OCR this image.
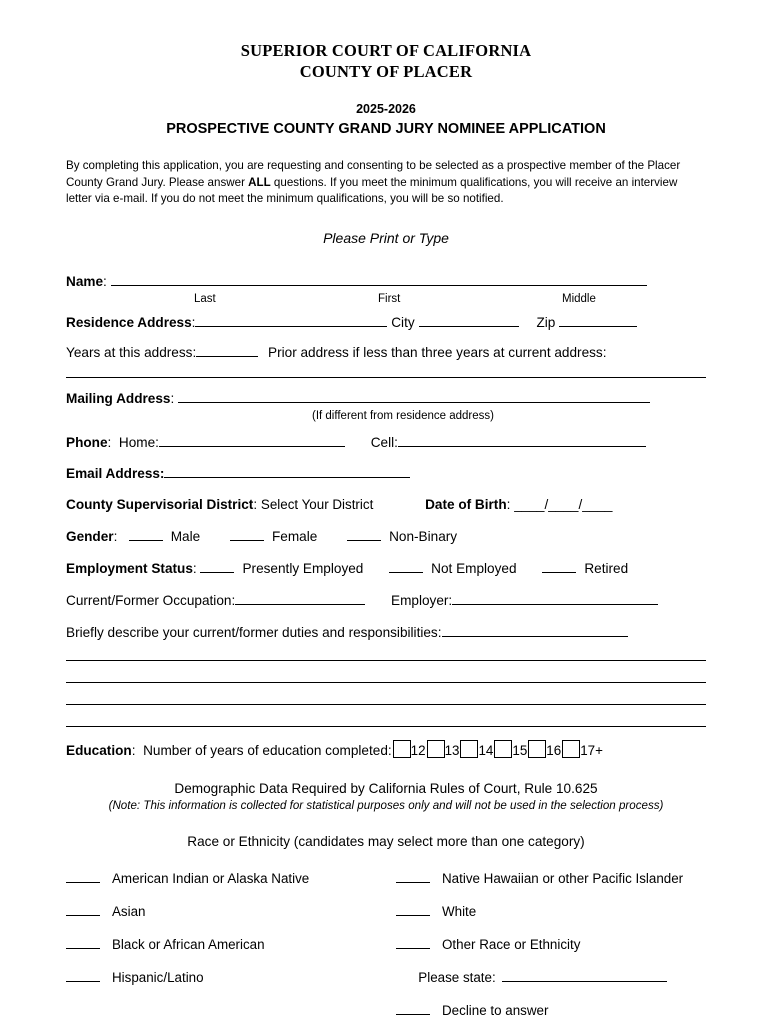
SUPERIOR COURT OF CALIFORNIA
COUNTY OF PLACER
2025-2026
PROSPECTIVE COUNTY GRAND JURY NOMINEE APPLICATION

By completing this application, you are requesting and consenting to be selected as a prospective member of the Placer County Grand Jury. Please answer ALL questions. If you meet the minimum qualifications, you will receive an interview letter via e-mail. If you do not meet the minimum qualifications, you will be so notified.

Please Print or Type
Name:
Last	First	Middle
Residence Address:	City	Zip
Years at this address:	Prior address if less than three years at current address:
Mailing Address:
(If different from residence address)
Phone:  Home:	Cell:
Email Address:
County Supervisorial District: Select Your District	Date of Birth: ____/____/____
Gender:	Male	Female	Non-Binary
Employment Status:	Presently Employed	Not Employed	Retired
Current/Former Occupation:	Employer:
Briefly describe your current/former duties and responsibilities:
Education:  Number of years of education completed: 12 13 14 15 16 17+
Demographic Data Required by California Rules of Court, Rule 10.625
(Note: This information is collected for statistical purposes only and will not be used in the selection process)
Race or Ethnicity (candidates may select more than one category)
American Indian or Alaska Native	Native Hawaiian or other Pacific Islander
Asian	White
Black or African American	Other Race or Ethnicity
Hispanic/Latino	Please state:
Decline to answer
